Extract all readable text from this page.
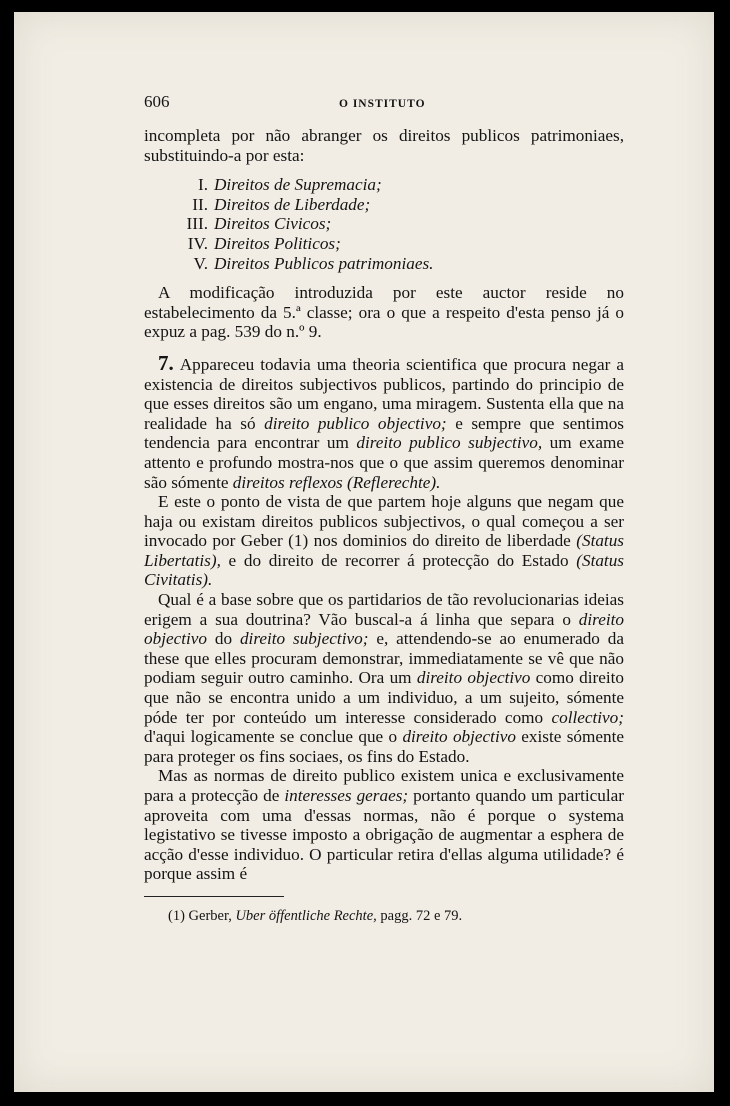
606	O INSTITUTO

incompleta por não abranger os direitos publicos patrimoniaes, substituindo-a por esta:

I. Direitos de Supremacia;
II. Direitos de Liberdade;
III. Direitos Civicos;
IV. Direitos Politicos;
V. Direitos Publicos patrimoniaes.

A modificação introduzida por este auctor reside no estabelecimento da 5.ª classe; ora o que a respeito d'esta penso já o expuz a pag. 539 do n.º 9.

7. Appareceu todavia uma theoria scientifica que procura negar a existencia de direitos subjectivos publicos, partindo do principio de que esses direitos são um engano, uma miragem. Sustenta ella que na realidade ha só direito publico objectivo; e sempre que sentimos tendencia para encontrar um direito publico subjectivo, um exame attento e profundo mostra-nos que o que assim queremos denominar são sómente direitos reflexos (Reflerechte).

E este o ponto de vista de que partem hoje alguns que negam que haja ou existam direitos publicos subjectivos, o qual começou a ser invocado por Geber (1) nos dominios do direito de liberdade (Status Libertatis), e do direito de recorrer á protecção do Estado (Status Civitatis).

Qual é a base sobre que os partidarios de tão revolucionarias ideias erigem a sua doutrina? Vão buscal-a á linha que separa o direito objectivo do direito subjectivo; e, attendendo-se ao enumerado da these que elles procuram demonstrar, immediatamente se vê que não podiam seguir outro caminho. Ora um direito objectivo como direito que não se encontra unido a um individuo, a um sujeito, sómente póde ter por conteúdo um interesse considerado como collectivo; d'aqui logicamente se conclue que o direito objectivo existe sómente para proteger os fins sociaes, os fins do Estado.

Mas as normas de direito publico existem unica e exclusivamente para a protecção de interesses geraes; portanto quando um particular aproveita com uma d'essas normas, não é porque o systema legistativo se tivesse imposto a obrigação de augmentar a esphera de acção d'esse individuo. O particular retira d'ellas alguma utilidade? é porque assim é

(1) Gerber, Uber öffentliche Rechte, pagg. 72 e 79.
